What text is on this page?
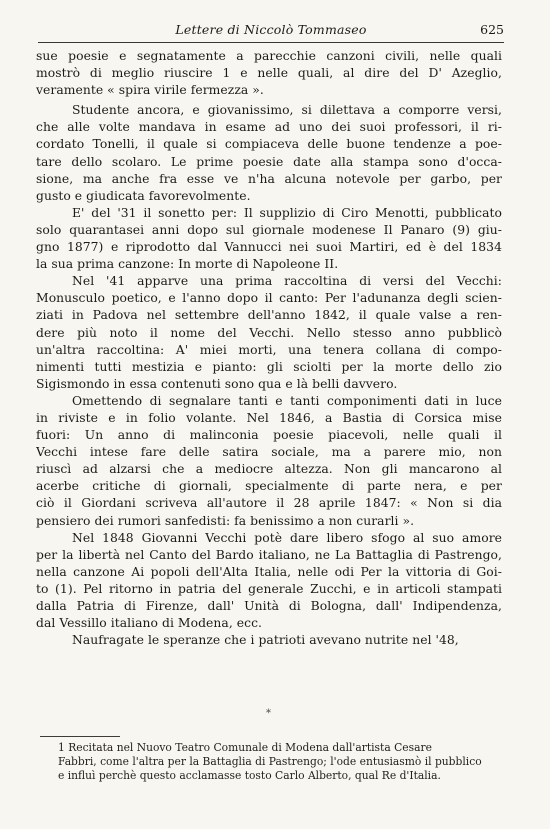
Lettere di Niccolò Tommaseo	625
sue poesie e segnatamente a parecchie canzoni civili, nelle quali
mostrò di meglio riuscire 1 e nelle quali, al dire del D' Azeglio,
veramente « spira virile fermezza ».
Studente ancora, e giovanissimo, si dilettava a comporre versi,
che alle volte mandava in esame ad uno dei suoi professori, il ri-
cordato Tonelli, il quale si compiaceva delle buone tendenze a poe-
tare dello scolaro. Le prime poesie date alla stampa sono d'occa-
sione, ma anche fra esse ve n'ha alcuna notevole per garbo, per
gusto e giudicata favorevolmente.
E' del '31 il sonetto per: Il supplizio di Ciro Menotti, pubblicato
solo quarantasei anni dopo sul giornale modenese Il Panaro (9) giu-
gno 1877) e riprodotto dal Vannucci nei suoi Martiri, ed è del 1834
la sua prima canzone: In morte di Napoleone II.
Nel '41 apparve una prima raccoltina di versi del Vecchi:
Monusculo poetico, e l'anno dopo il canto: Per l'adunanza degli scien-
ziati in Padova nel settembre dell'anno 1842, il quale valse a ren-
dere più noto il nome del Vecchi. Nello stesso anno pubblicò
un'altra raccoltina: A' miei morti, una tenera collana di compo-
nimenti tutti mestizia e pianto: gli sciolti per la morte dello zio
Sigismondo in essa contenuti sono qua e là belli davvero.
Omettendo di segnalare tanti e tanti componimenti dati in luce
in riviste e in folio volante. Nel 1846, a Bastia di Corsica mise
fuori: Un anno di malinconia poesie piacevoli, nelle quali il
Vecchi intese fare delle satira sociale, ma a parere mio, non
riuscì ad alzarsi che a mediocre altezza. Non gli mancarono al
acerbe critiche di giornali, specialmente di parte nera, e per
ciò il Giordani scriveva all'autore il 28 aprile 1847: « Non si dia
pensiero dei rumori sanfedisti: fa benissimo a non curarli ».
Nel 1848 Giovanni Vecchi potè dare libero sfogo al suo amore
per la libertà nel Canto del Bardo italiano, ne La Battaglia di Pastrengo,
nella canzone Ai popoli dell'Alta Italia, nelle odi Per la vittoria di Goi-
to (1). Pel ritorno in patria del generale Zucchi, e in articoli stampati
dalla Patria di Firenze, dall' Unità di Bologna, dall' Indipendenza,
dal Vessillo italiano di Modena, ecc.
Naufragate le speranze che i patrioti avevano nutrite nel '48,
*
1 Recitata nel Nuovo Teatro Comunale di Modena dall'artista Cesare
Fabbri, come l'altra per la Battaglia di Pastrengo; l'ode entusiasmò il pubblico
e influì perchè questo acclamasse tosto Carlo Alberto, qual Re d'Italia.
